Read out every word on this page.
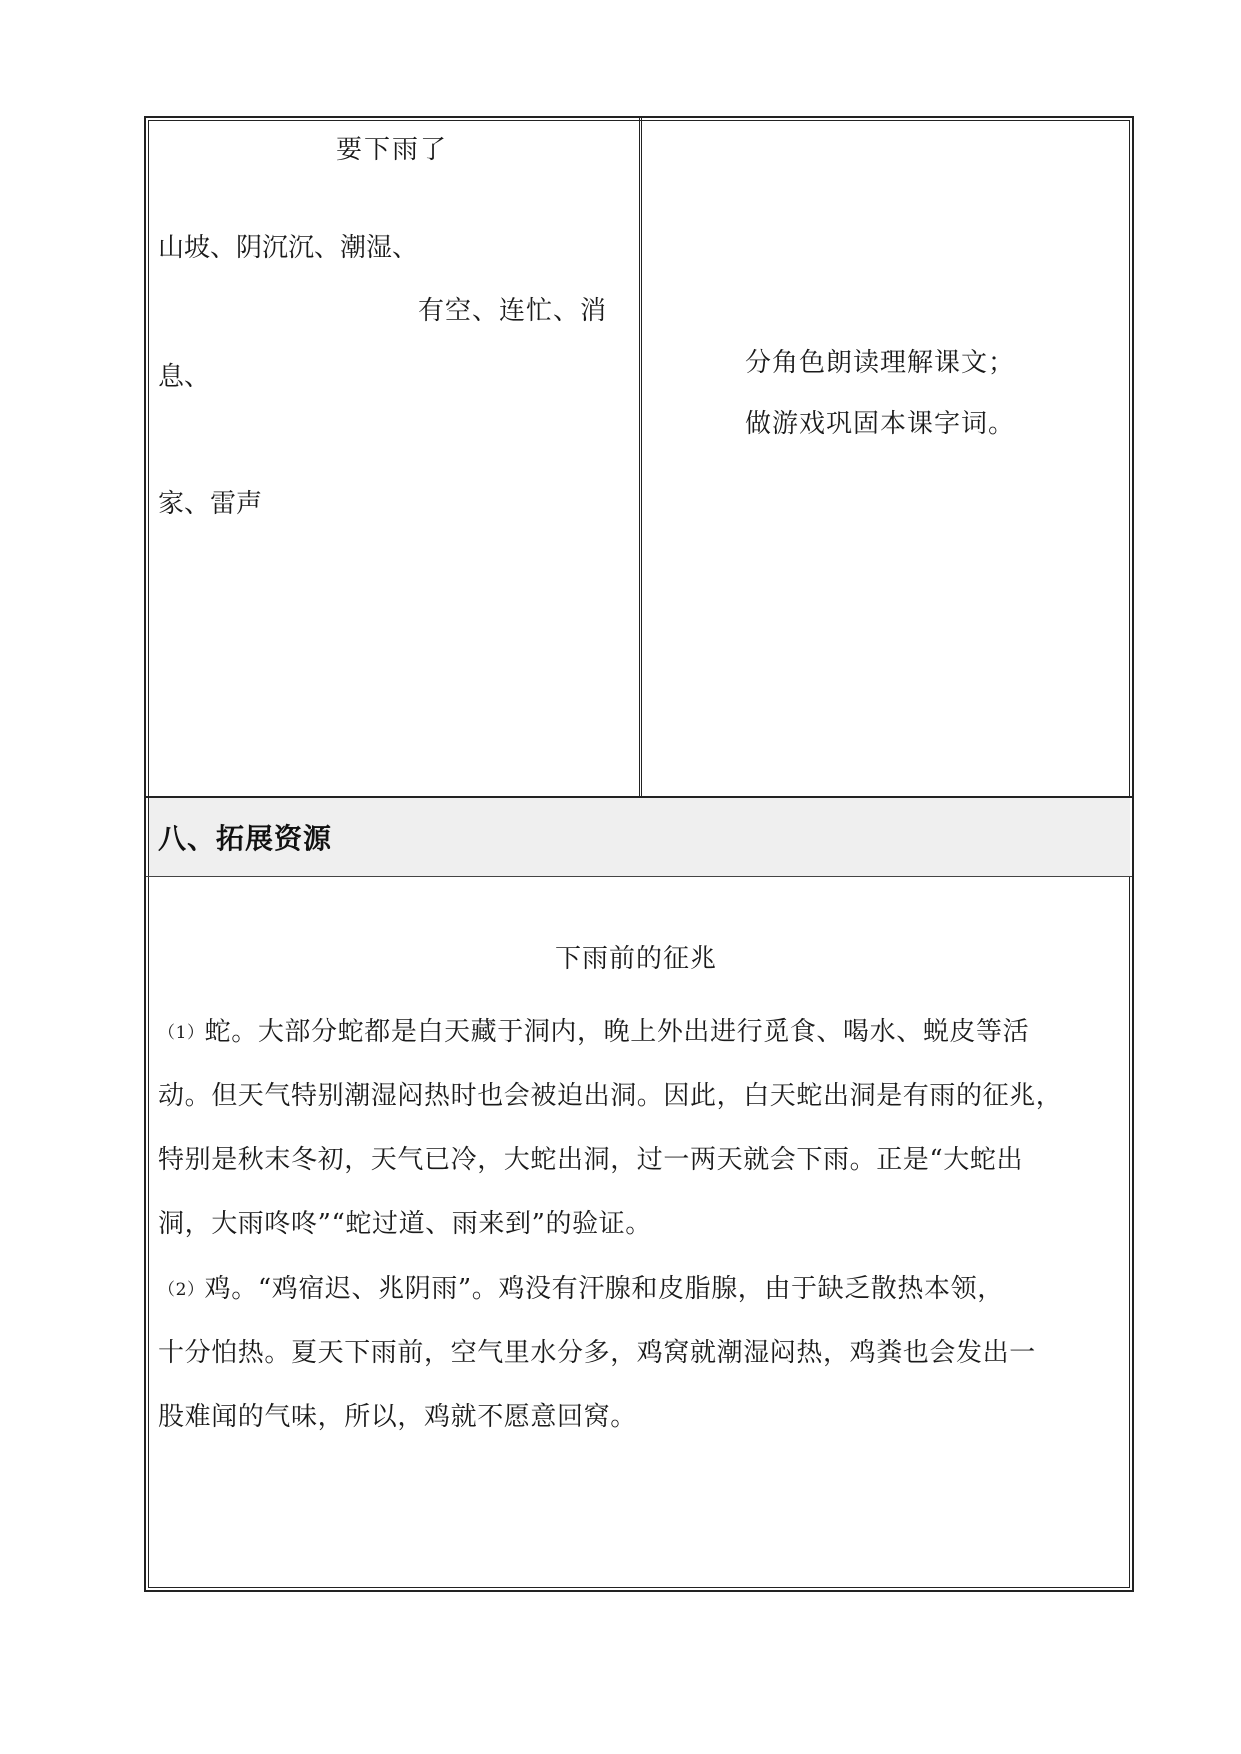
要下雨了
山坡、阴沉沉、潮湿、
有空、连忙、消
息、
家、雷声
分角色朗读理解课文；
做游戏巩固本课字词。
八、拓展资源
下雨前的征兆
（1）蛇。大部分蛇都是白天藏于洞内，晚上外出进行觅食、喝水、蜕皮等活
动。但天气特别潮湿闷热时也会被迫出洞。因此，白天蛇出洞是有雨的征兆，
特别是秋末冬初，天气已冷，大蛇出洞，过一两天就会下雨。正是“大蛇出
洞，大雨咚咚”“蛇过道、雨来到”的验证。
（2）鸡。“鸡宿迟、兆阴雨”。鸡没有汗腺和皮脂腺，由于缺乏散热本领，
十分怕热。夏天下雨前，空气里水分多，鸡窝就潮湿闷热，鸡粪也会发出一
股难闻的气味，所以，鸡就不愿意回窝。
